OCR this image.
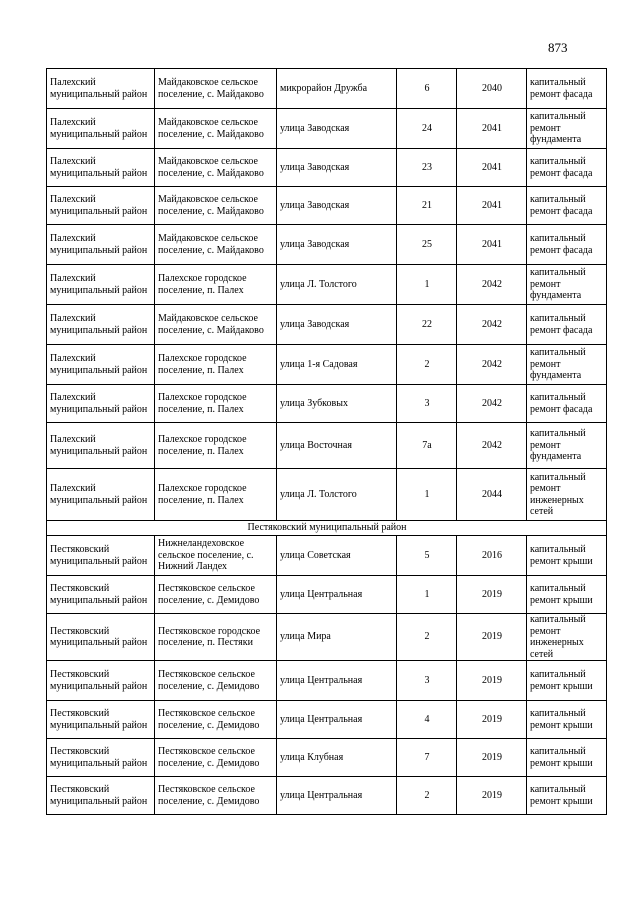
873
Палехский муниципальный район	Майдаковское сельское поселение, с. Майдаково	микрорайон Дружба	6	2040	капитальный ремонт фасада
Палехский муниципальный район	Майдаковское сельское поселение, с. Майдаково	улица Заводская	24	2041	капитальный ремонт фундамента
Палехский муниципальный район	Майдаковское сельское поселение, с. Майдаково	улица Заводская	23	2041	капитальный ремонт фасада
Палехский муниципальный район	Майдаковское сельское поселение, с. Майдаково	улица Заводская	21	2041	капитальный ремонт фасада
Палехский муниципальный район	Майдаковское сельское поселение, с. Майдаково	улица Заводская	25	2041	капитальный ремонт фасада
Палехский муниципальный район	Палехское городское поселение, п. Палех	улица Л. Толстого	1	2042	капитальный ремонт фундамента
Палехский муниципальный район	Майдаковское сельское поселение, с. Майдаково	улица Заводская	22	2042	капитальный ремонт фасада
Палехский муниципальный район	Палехское городское поселение, п. Палех	улица 1-я Садовая	2	2042	капитальный ремонт фундамента
Палехский муниципальный район	Палехское городское поселение, п. Палех	улица Зубковых	3	2042	капитальный ремонт фасада
Палехский муниципальный район	Палехское городское поселение, п. Палех	улица Восточная	7а	2042	капитальный ремонт фундамента
Палехский муниципальный район	Палехское городское поселение, п. Палех	улица Л. Толстого	1	2044	капитальный ремонт инженерных сетей
Пестяковский муниципальный район					
Пестяковский муниципальный район	Нижнеландеховское сельское поселение, с. Нижний Ландех	улица Советская	5	2016	капитальный ремонт крыши
Пестяковский муниципальный район	Пестяковское сельское поселение, с. Демидово	улица Центральная	1	2019	капитальный ремонт крыши
Пестяковский муниципальный район	Пестяковское городское поселение, п. Пестяки	улица Мира	2	2019	капитальный ремонт инженерных сетей
Пестяковский муниципальный район	Пестяковское сельское поселение, с. Демидово	улица Центральная	3	2019	капитальный ремонт крыши
Пестяковский муниципальный район	Пестяковское сельское поселение, с. Демидово	улица Центральная	4	2019	капитальный ремонт крыши
Пестяковский муниципальный район	Пестяковское сельское поселение, с. Демидово	улица Клубная	7	2019	капитальный ремонт крыши
Пестяковский муниципальный район	Пестяковское сельское поселение, с. Демидово	улица Центральная	2	2019	капитальный ремонт крыши
